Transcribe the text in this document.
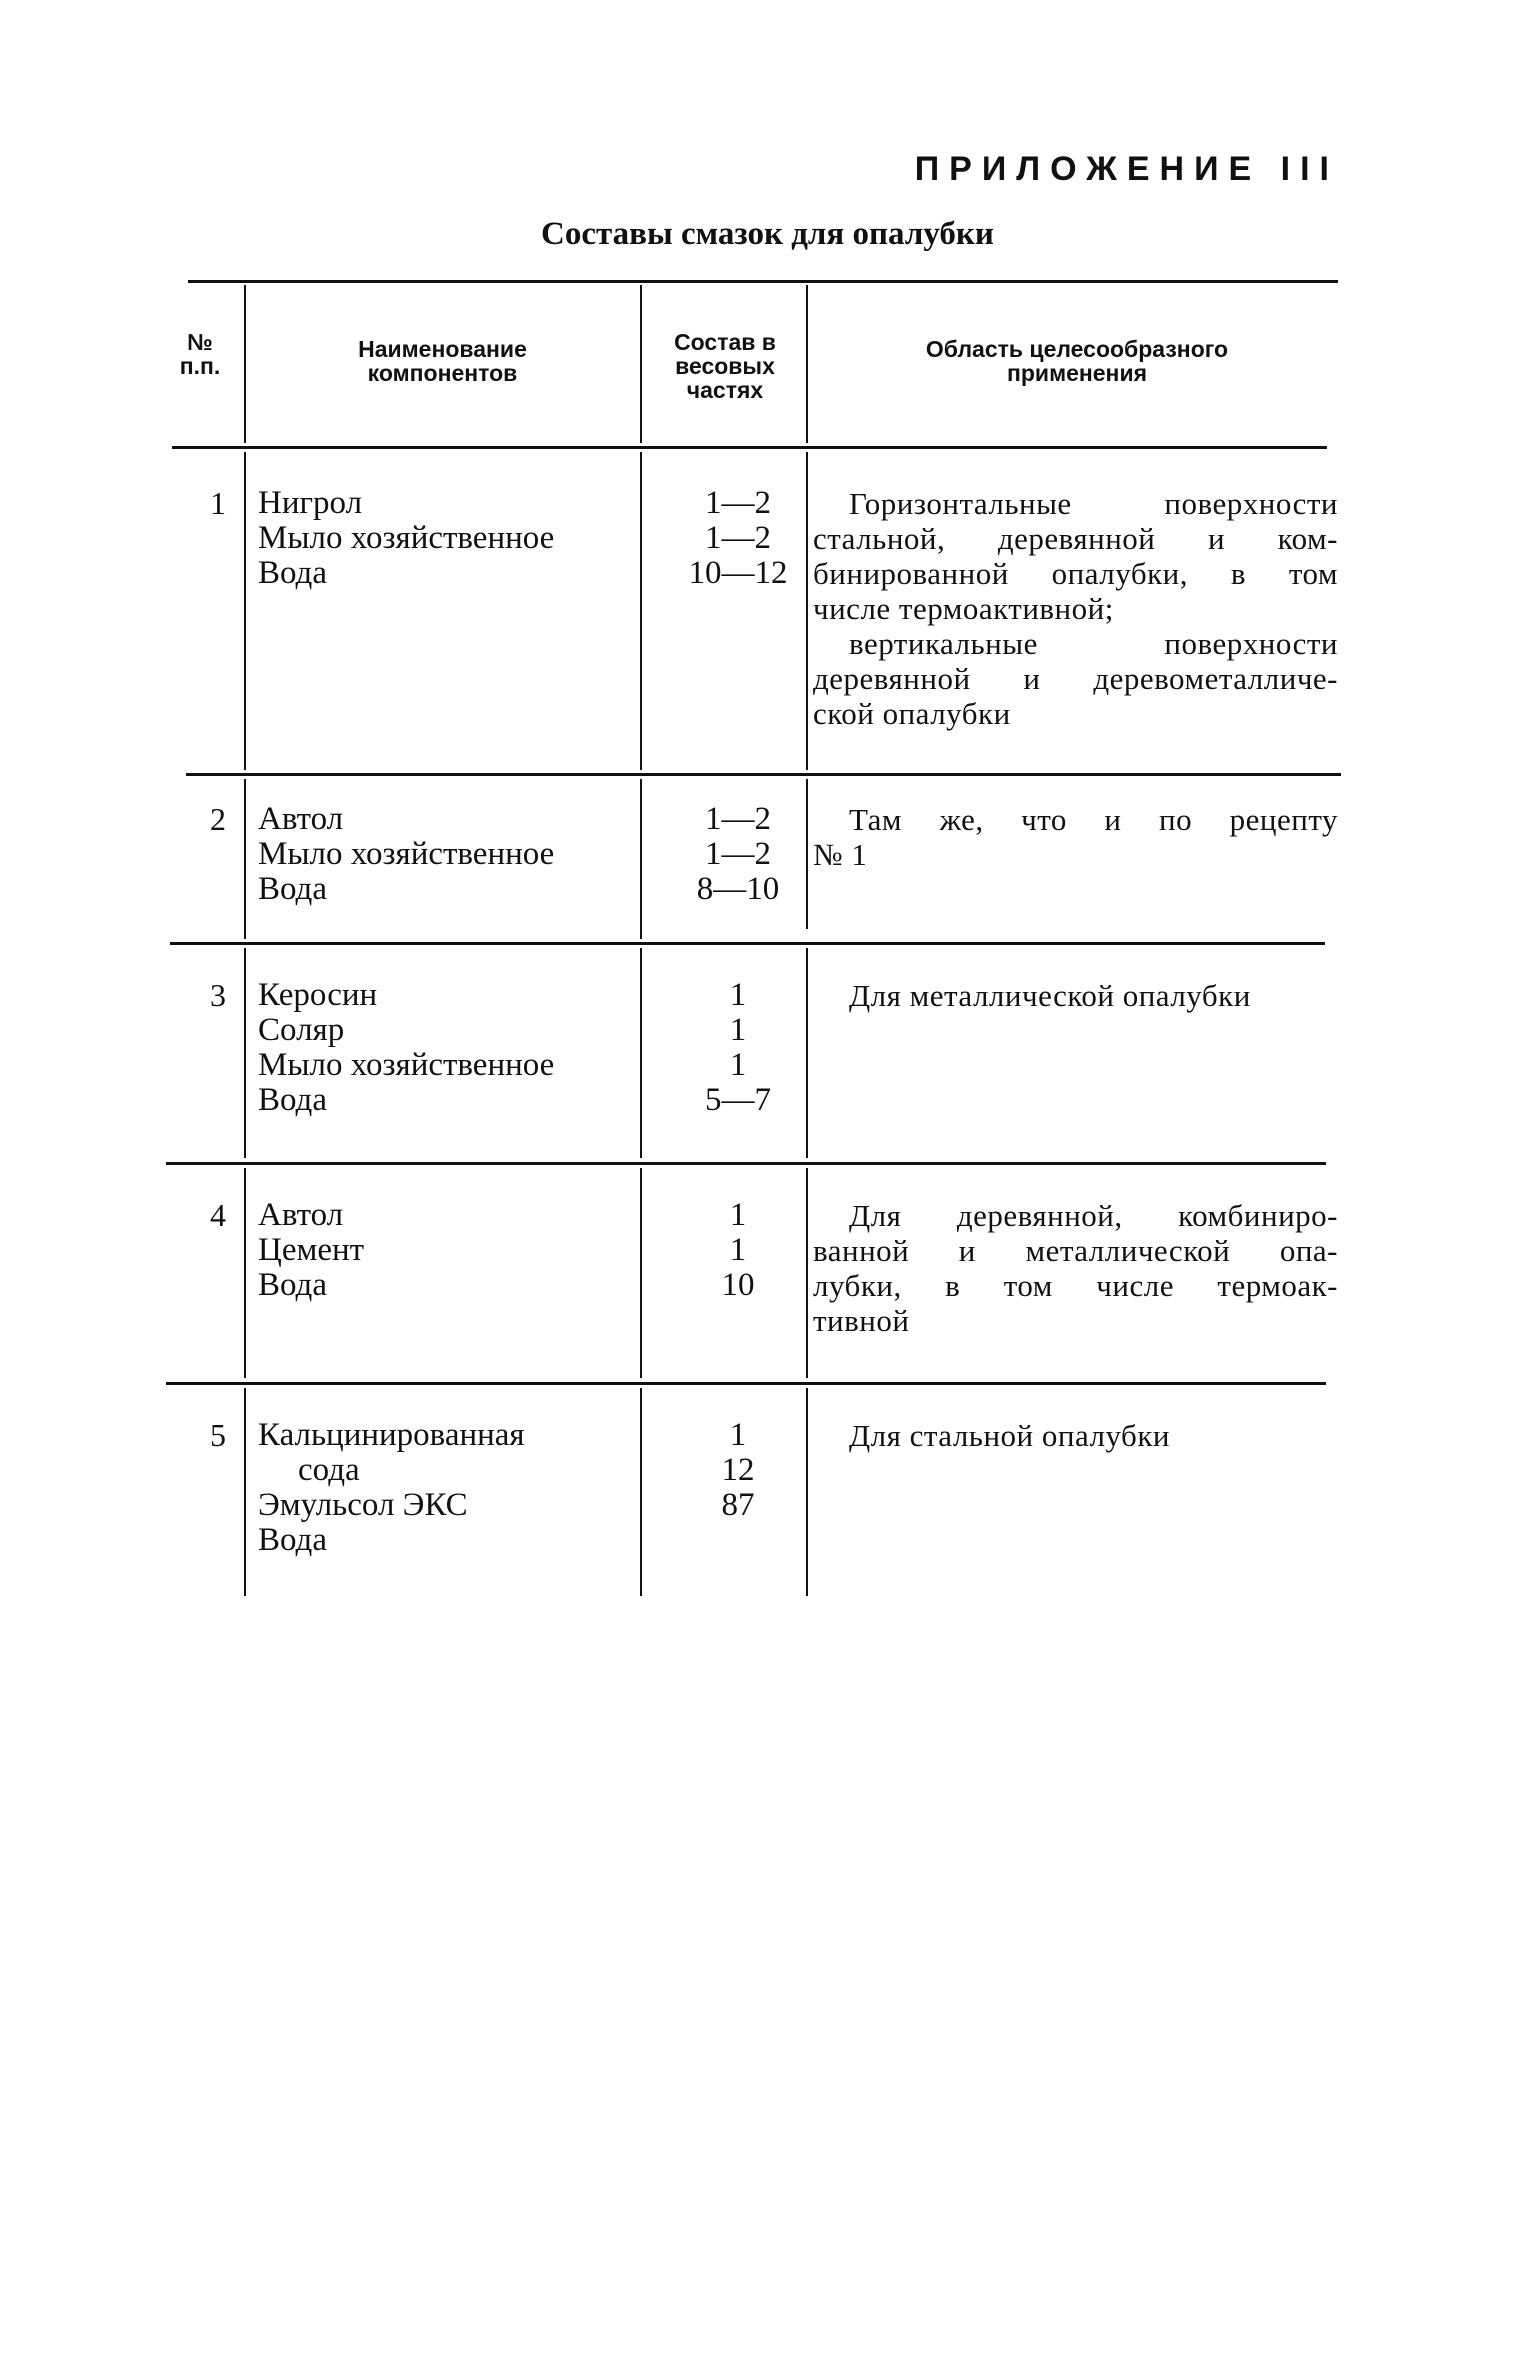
ПРИЛОЖЕНИЕ III
Составы смазок для опалубки
№
п.п.
Наименование
компонентов
Состав в
весовых
частях
Область целесообразного
применения
1 Нигрол
Мыло хозяйственное
Вода
1—2
1—2
10—12
Горизонтальные поверхности
стальной, деревянной и ком-
бинированной опалубки, в том
числе термоактивной;
вертикальные поверхности
деревянной и деревометалличе-
ской опалубки
2 Автол
Мыло хозяйственное
Вода
1—2
1—2
8—10
Там же, что и по рецепту
№ 1
3 Керосин
Соляр
Мыло хозяйственное
Вода
1
1
1
5—7
Для металлической опалубки
4 Автол
Цемент
Вода
1
1
10
Для деревянной, комбиниро-
ванной и металлической опа-
лубки, в том числе термоак-
тивной
5 Кальцинированная
сода
Эмульсол ЭКС
Вода
1
12
87
Для стальной опалубки
